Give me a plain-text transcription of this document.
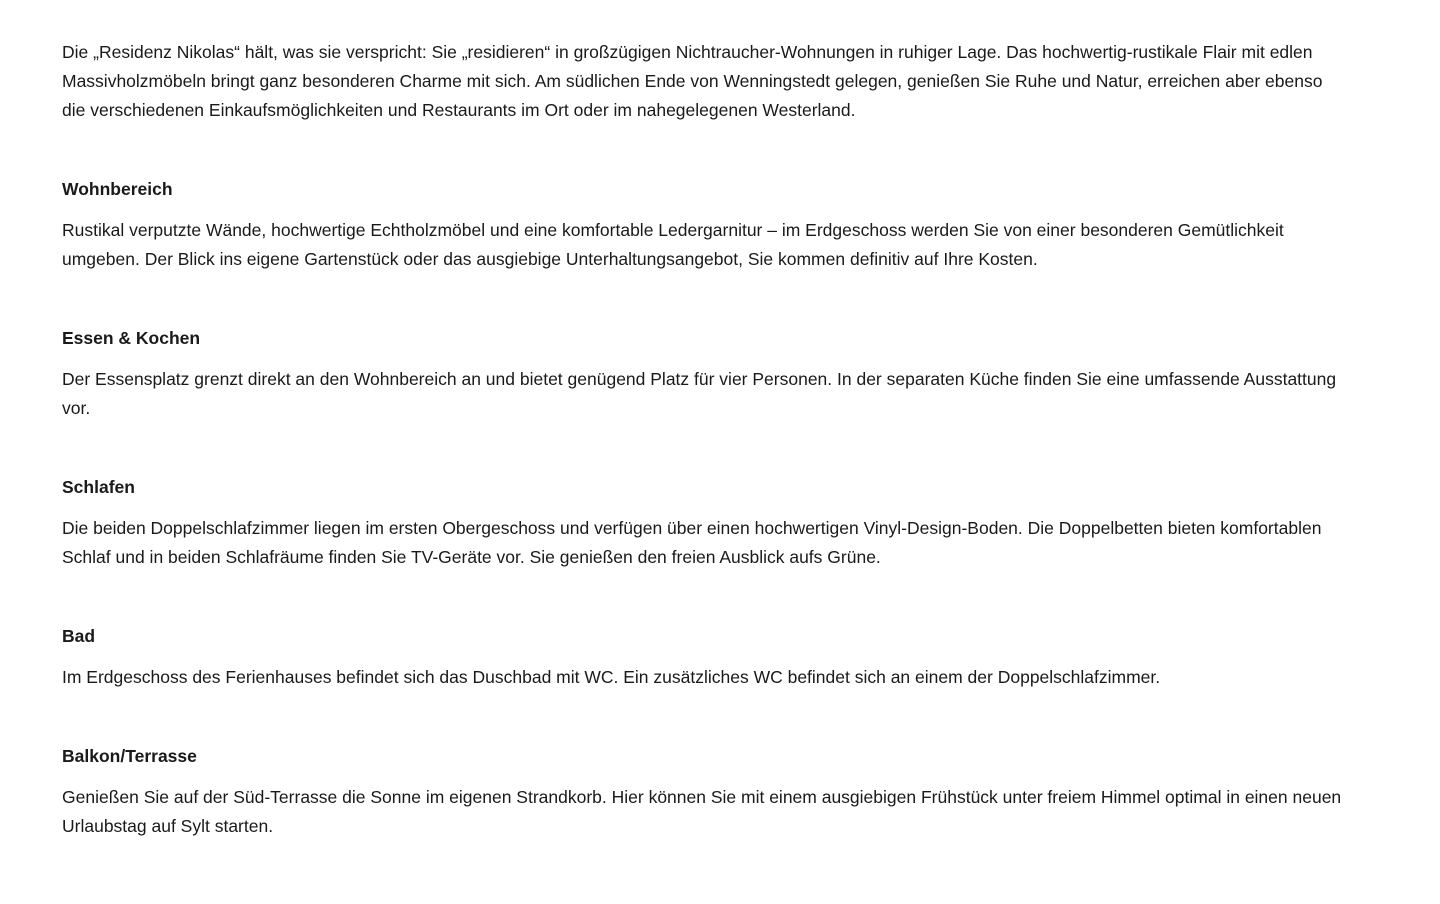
Die „Residenz Nikolas“ hält, was sie verspricht: Sie „residieren“ in großzügigen Nichtraucher-Wohnungen in ruhiger Lage. Das hochwertig-rustikale Flair mit edlen Massivholzmöbeln bringt ganz besonderen Charme mit sich. Am südlichen Ende von Wenningstedt gelegen, genießen Sie Ruhe und Natur, erreichen aber ebenso die verschiedenen Einkaufsmöglichkeiten und Restaurants im Ort oder im nahegelegenen Westerland.

Wohnbereich

Rustikal verputzte Wände, hochwertige Echtholzmöbel und eine komfortable Ledergarnitur – im Erdgeschoss werden Sie von einer besonderen Gemütlichkeit umgeben. Der Blick ins eigene Gartenstück oder das ausgiebige Unterhaltungsangebot, Sie kommen definitiv auf Ihre Kosten.

Essen & Kochen

Der Essensplatz grenzt direkt an den Wohnbereich an und bietet genügend Platz für vier Personen. In der separaten Küche finden Sie eine umfassende Ausstattung vor.

Schlafen

Die beiden Doppelschlafzimmer liegen im ersten Obergeschoss und verfügen über einen hochwertigen Vinyl-Design-Boden. Die Doppelbetten bieten komfortablen Schlaf und in beiden Schlafräume finden Sie TV-Geräte vor. Sie genießen den freien Ausblick aufs Grüne.

Bad

Im Erdgeschoss des Ferienhauses befindet sich das Duschbad mit WC. Ein zusätzliches WC befindet sich an einem der Doppelschlafzimmer.

Balkon/Terrasse

Genießen Sie auf der Süd-Terrasse die Sonne im eigenen Strandkorb. Hier können Sie mit einem ausgiebigen Frühstück unter freiem Himmel optimal in einen neuen Urlaubstag auf Sylt starten.
